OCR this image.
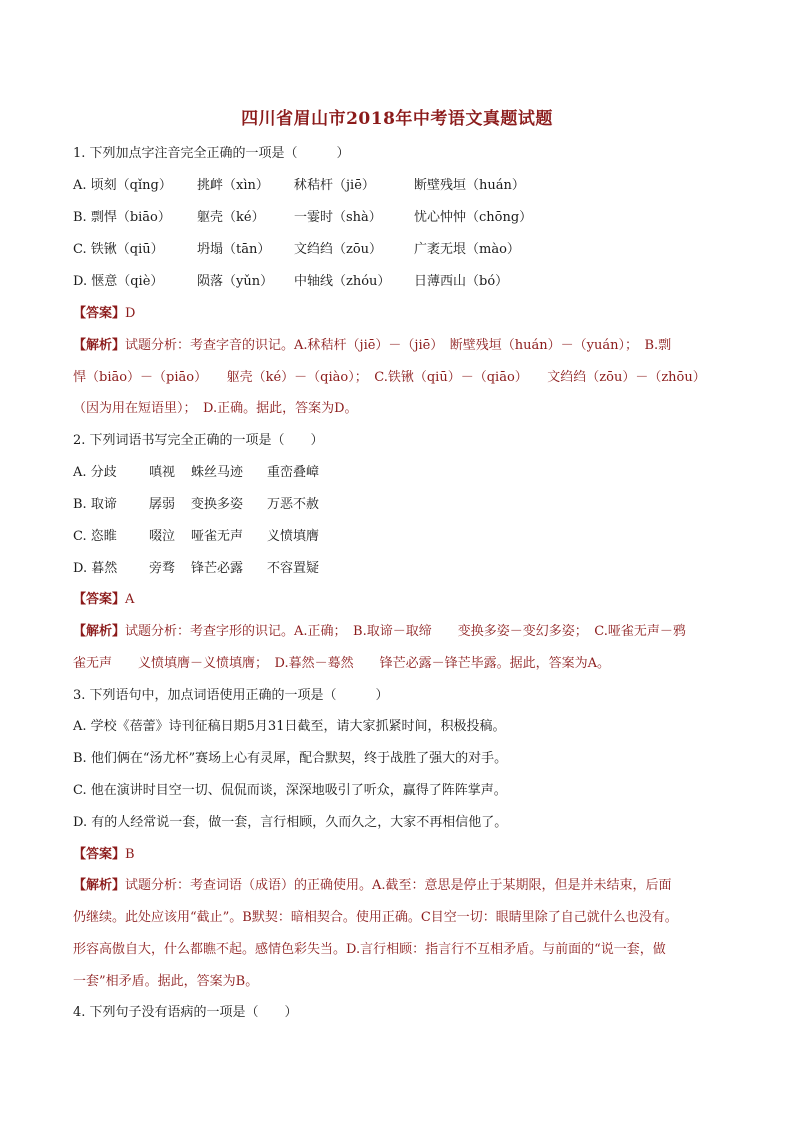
四川省眉山市2018年中考语文真题试题
1. 下列加点字注音完全正确的一项是（　　　）
A. 顷刻（qǐng） 挑衅（xìn） 秫秸杆（jiē）	断壁残垣（huán）
B. 剽悍（biāo） 躯壳（ké） 一霎时（shà） 忧心忡忡（chōng）
C. 铁锹（qiū）	坍塌（tān） 文绉绉（zōu） 广袤无垠（mào）
D. 惬意（qiè）	陨落（yǔn） 中轴线（zhóu） 日薄西山（bó）
【答案】D
【解析】试题分析：考查字音的识记。A.秫秸杆（jiē）－（jiē）　断壁残垣（huán）－（yuán）；　B.剽
悍（biāo）－（piāo）　　躯壳（ké）－（qiào）；　C.铁锹（qiū）－（qiāo）　　文绉绉（zōu）－（zhōu）
（因为用在短语里）；　D.正确。据此，答案为D。
2. 下列词语书写完全正确的一项是（　　）
A. 分歧 嗔视 蛛丝马迹 重峦叠嶂
B. 取谛 孱弱 变换多姿 万恶不赦
C. 恣睢 啜泣 哑雀无声 义愤填膺
D. 暮然 旁骛 锋芒必露 不容置疑
【答案】A
【解析】试题分析：考查字形的识记。A.正确；　B.取谛－取缔　　变换多姿－变幻多姿；　C.哑雀无声－鸦
雀无声　　义愤填膺－义愤填膺；　D.暮然－蓦然　　锋芒必露－锋芒毕露。据此，答案为A。
3. 下列语句中，加点词语使用正确的一项是（　　　）
A. 学校《蓓蕾》诗刊征稿日期5月31日截至，请大家抓紧时间，积极投稿。
B. 他们俩在“汤尤杯”赛场上心有灵犀，配合默契，终于战胜了强大的对手。
C. 他在演讲时目空一切、侃侃而谈，深深地吸引了听众，赢得了阵阵掌声。
D. 有的人经常说一套，做一套，言行相顾，久而久之，大家不再相信他了。
【答案】B
【解析】试题分析：考查词语（成语）的正确使用。A.截至：意思是停止于某期限，但是并未结束，后面
仍继续。此处应该用“截止”。B默契：暗相契合。使用正确。C目空一切：眼睛里除了自己就什么也没有。
形容高傲自大，什么都瞧不起。感情色彩失当。D.言行相顾：指言行不互相矛盾。与前面的“说一套，做
一套”相矛盾。据此，答案为B。
4. 下列句子没有语病的一项是（　　）
